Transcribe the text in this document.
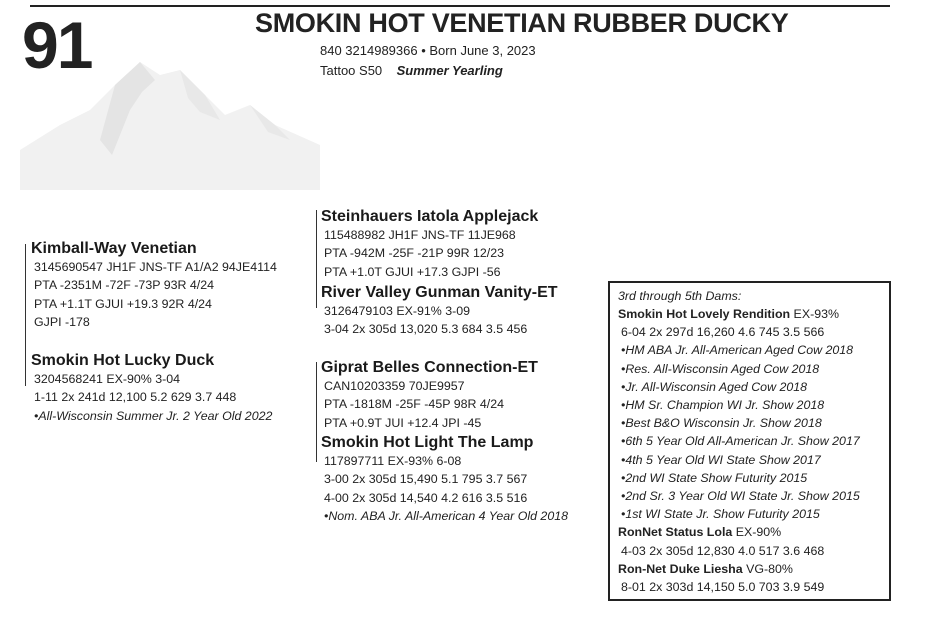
91	SMOKIN HOT VENETIAN RUBBER DUCKY
840 3214989366 • Born June 3, 2023
Tattoo S50 Summer Yearling
Kimball-Way Venetian
3145690547 JH1F JNS-TF A1/A2 94JE4114
PTA -2351M -72F -73P 93R 4/24
PTA +1.1T GJUI +19.3 92R 4/24
GJPI -178
Smokin Hot Lucky Duck
3204568241 EX-90% 3-04
1-11 2x 241d 12,100 5.2 629 3.7 448
•All-Wisconsin Summer Jr. 2 Year Old 2022
Steinhauers Iatola Applejack
115488982 JH1F JNS-TF 11JE968
PTA -942M -25F -21P 99R 12/23
PTA +1.0T GJUI +17.3 GJPI -56
River Valley Gunman Vanity-ET
3126479103 EX-91% 3-09
3-04 2x 305d 13,020 5.3 684 3.5 456
Giprat Belles Connection-ET
CAN10203359 70JE9957
PTA -1818M -25F -45P 98R 4/24
PTA +0.9T JUI +12.4 JPI -45
Smokin Hot Light The Lamp
117897711 EX-93% 6-08
3-00 2x 305d 15,490 5.1 795 3.7 567
4-00 2x 305d 14,540 4.2 616 3.5 516
•Nom. ABA Jr. All-American 4 Year Old 2018
3rd through 5th Dams:
Smokin Hot Lovely Rendition EX-93%
6-04 2x 297d 16,260 4.6 745 3.5 566
•HM ABA Jr. All-American Aged Cow 2018
•Res. All-Wisconsin Aged Cow 2018
•Jr. All-Wisconsin Aged Cow 2018
•HM Sr. Champion WI Jr. Show 2018
•Best B&O Wisconsin Jr. Show 2018
•6th 5 Year Old All-American Jr. Show 2017
•4th 5 Year Old WI State Show 2017
•2nd WI State Show Futurity 2015
•2nd Sr. 3 Year Old WI State Jr. Show 2015
•1st WI State Jr. Show Futurity 2015
RonNet Status Lola EX-90%
4-03 2x 305d 12,830 4.0 517 3.6 468
Ron-Net Duke Liesha VG-80%
8-01 2x 303d 14,150 5.0 703 3.9 549
